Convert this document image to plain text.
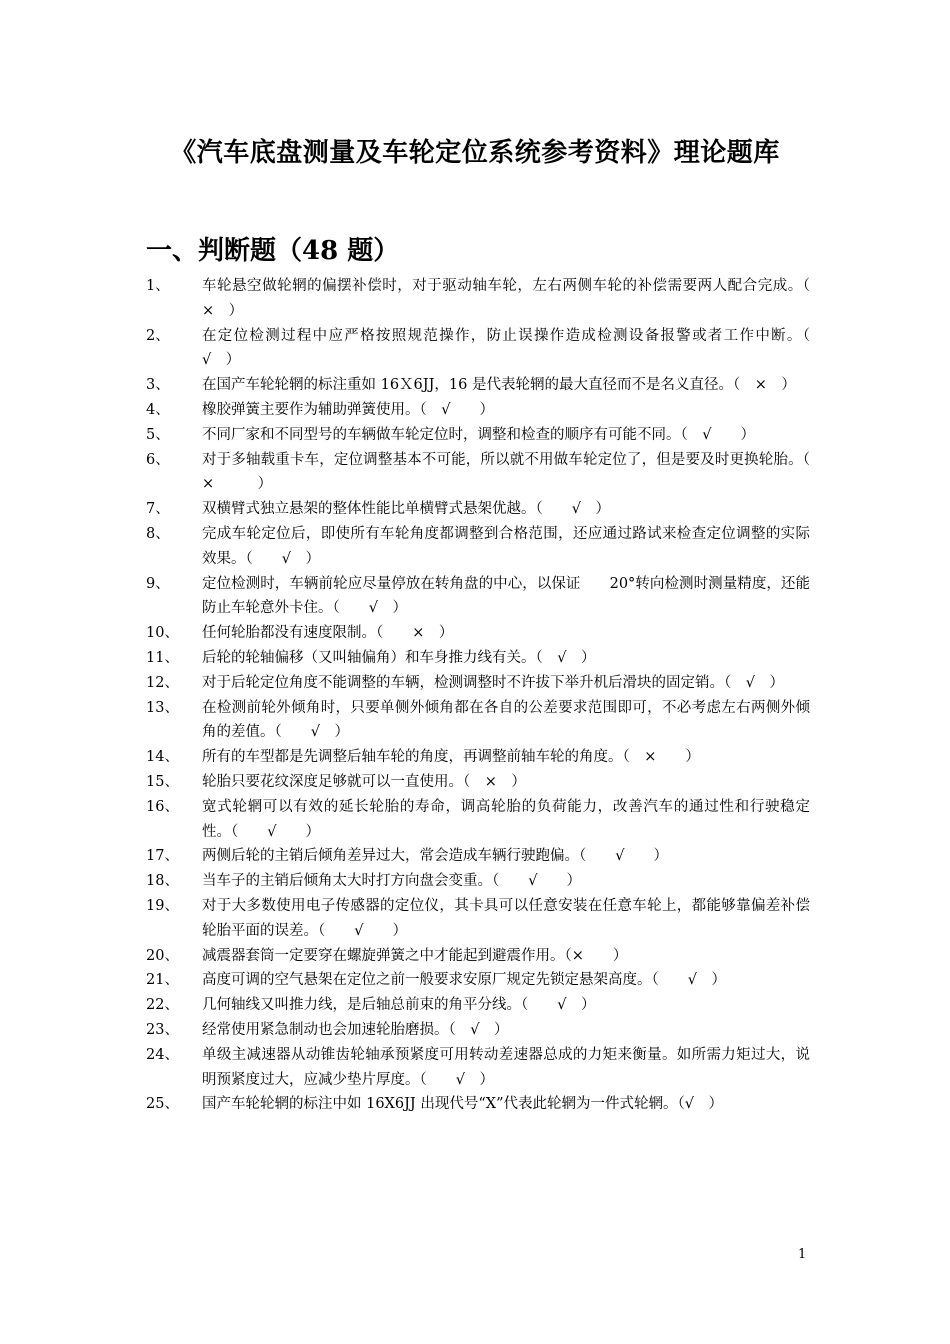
《汽车底盘测量及车轮定位系统参考资料》理论题库
一、判断题（48 题）
1、	车轮悬空做轮辋的偏摆补偿时，对于驱动轴车轮，左右两侧车轮的补偿需要两人配合完成。（　×　）
2、	在定位检测过程中应严格按照规范操作，防止误操作造成检测设备报警或者工作中断。（　　√　）
3、	在国产车轮轮辋的标注重如 16Ｘ6JJ，16 是代表轮辋的最大直径而不是名义直径。（　×　）
4、	橡胶弹簧主要作为辅助弹簧使用。（　√　　）
5、	不同厂家和不同型号的车辆做车轮定位时，调整和检查的顺序有可能不同。（　√　　）
6、	对于多轴载重卡车，定位调整基本不可能，所以就不用做车轮定位了，但是要及时更换轮胎。（　×　　　）
7、	双横臂式独立悬架的整体性能比单横臂式悬架优越。（　　√　）
8、	完成车轮定位后，即使所有车轮角度都调整到合格范围，还应通过路试来检查定位调整的实际效果。（　　√　）
9、	定位检测时，车辆前轮应尽量停放在转角盘的中心，以保证　　20°转向检测时测量精度，还能防止车轮意外卡住。（　　√　）
10、	任何轮胎都没有速度限制。（　　×　）
11、	后轮的轮轴偏移（又叫轴偏角）和车身推力线有关。（　√　）
12、	对于后轮定位角度不能调整的车辆，检测调整时不许拔下举升机后滑块的固定销。（　√　）
13、	在检测前轮外倾角时，只要单侧外倾角都在各自的公差要求范围即可，不必考虑左右两侧外倾角的差值。（　　√　）
14、	所有的车型都是先调整后轴车轮的角度，再调整前轴车轮的角度。（　×　　）
15、	轮胎只要花纹深度足够就可以一直使用。（　×　）
16、	宽式轮辋可以有效的延长轮胎的寿命，调高轮胎的负荷能力，改善汽车的通过性和行驶稳定性。（　　√　　）
17、	两侧后轮的主销后倾角差异过大，常会造成车辆行驶跑偏。（　　√　　）
18、	当车子的主销后倾角太大时打方向盘会变重。（　　√　　）
19、	对于大多数使用电子传感器的定位仪，其卡具可以任意安装在任意车轮上，都能够靠偏差补偿轮胎平面的误差。（　　√　　）
20、	减震器套筒一定要穿在螺旋弹簧之中才能起到避震作用。（×　　）
21、	高度可调的空气悬架在定位之前一般要求安原厂规定先锁定悬架高度。（　　√　）
22、	几何轴线又叫推力线，是后轴总前束的角平分线。（　　√　）
23、	经常使用紧急制动也会加速轮胎磨损。（　√　）
24、	单级主减速器从动锥齿轮轴承预紧度可用转动差速器总成的力矩来衡量。如所需力矩过大，说明预紧度过大，应减少垫片厚度。（　　√　）
25、	国产车轮轮辋的标注中如 16X6JJ 出现代号“X”代表此轮辋为一件式轮辋。（√　）
1
